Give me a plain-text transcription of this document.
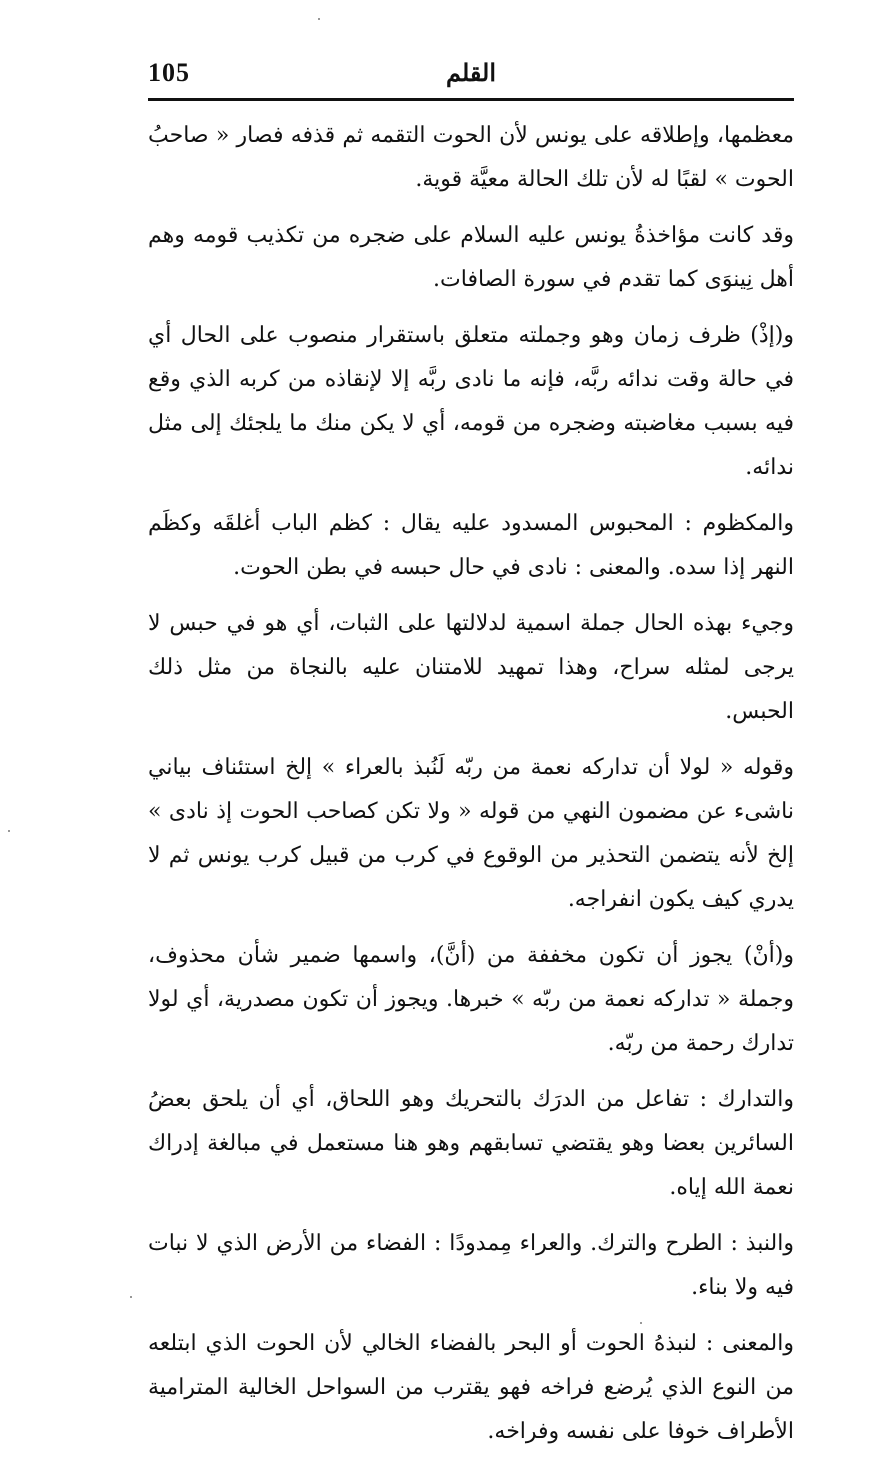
105	القلم

معظمها، وإطلاقه على يونس لأن الحوت التقمه ثم قذفه فصار « صاحبُ الحوت » لقبًا له لأن تلك الحالة معيَّة قوية.

وقد كانت مؤاخذةُ يونس عليه السلام على ضجره من تكذيب قومه وهم أهل نِينوَى كما تقدم في سورة الصافات.

و(إذْ) ظرف زمان وهو وجملته متعلق باستقرار منصوب على الحال أي في حالة وقت ندائه ربَّه، فإنه ما نادى ربَّه إلا لإنقاذه من كربه الذي وقع فيه بسبب مغاضبته وضجره من قومه، أي لا يكن منك ما يلجئك إلى مثل ندائه.

والمكظوم : المحبوس المسدود عليه يقال : كظم الباب أغلقَه وكظَم النهر إذا سده. والمعنى : نادى في حال حبسه في بطن الحوت.

وجيء بهذه الحال جملة اسمية لدلالتها على الثبات، أي هو في حبس لا يرجى لمثله سراح، وهذا تمهيد للامتنان عليه بالنجاة من مثل ذلك الحبس.

وقوله « لولا أن تداركه نعمة من ربّه لَنُبذ بالعراء » إلخ استئناف بياني ناشىء عن مضمون النهي من قوله « ولا تكن كصاحب الحوت إذ نادى » إلخ لأنه يتضمن التحذير من الوقوع في كرب من قبيل كرب يونس ثم لا يدري كيف يكون انفراجه.

و(أنْ) يجوز أن تكون مخففة من (أنَّ)، واسمها ضمير شأن محذوف، وجملة « تداركه نعمة من ربّه » خبرها. ويجوز أن تكون مصدرية، أي لولا تدارك رحمة من ربّه.

والتدارك : تفاعل من الدرَك بالتحريك وهو اللحاق، أي أن يلحق بعضُ السائرين بعضا وهو يقتضي تسابقهم وهو هنا مستعمل في مبالغة إدراك نعمة الله إياه.

والنبذ : الطرح والترك. والعراء مِمدودًا : الفضاء من الأرض الذي لا نبات فيه ولا بناء.

والمعنى : لنبذهُ الحوت أو البحر بالفضاء الخالي لأن الحوت الذي ابتلعه من النوع الذي يُرضع فراخه فهو يقترب من السواحل الخالية المترامية الأطراف خوفا على نفسه وفراخه.
